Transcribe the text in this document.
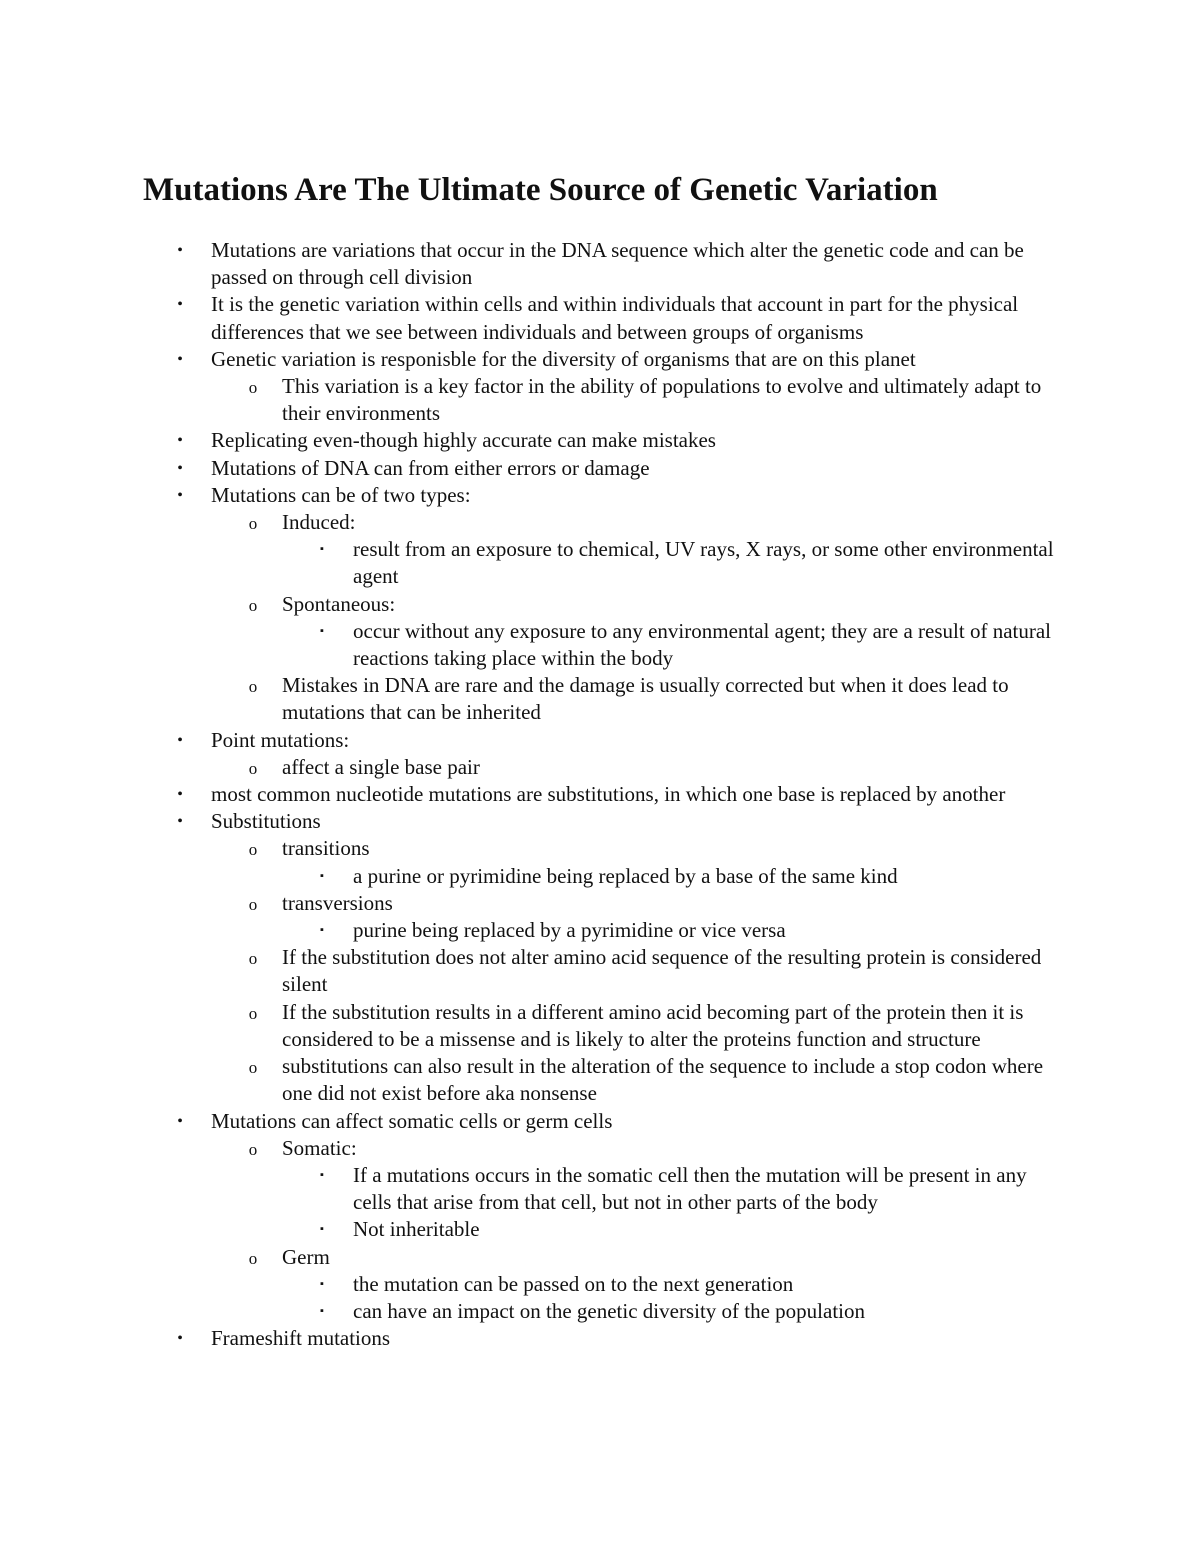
Mutations Are The Ultimate Source of Genetic Variation
•	Mutations are variations that occur in the DNA sequence which alter the genetic code and can be passed on through cell division
•	It is the genetic variation within cells and within individuals that account in part for the physical differences that we see between individuals and between groups of organisms
•	Genetic variation is responisble for the diversity of organisms that are on this planet
o This variation is a key factor in the ability of populations to evolve and ultimately adapt to their environments
•	Replicating even-though highly accurate can make mistakes
•	Mutations of DNA can from either errors or damage
•	Mutations can be of two types:
o Induced:
▪	result from an exposure to chemical, UV rays, X rays, or some other environmental agent
o Spontaneous:
▪	occur without any exposure to any environmental agent; they are a result of natural reactions taking place within the body
o Mistakes in DNA are rare and the damage is usually corrected but when it does lead to mutations that can be inherited
•	Point mutations:
o affect a single base pair
•	most common nucleotide mutations are substitutions, in which one base is replaced by another
•	Substitutions
o transitions
▪	a purine or pyrimidine being replaced by a base of the same kind
o transversions
▪	purine being replaced by a pyrimidine or vice versa
o If the substitution does not alter amino acid sequence of the resulting protein is considered silent
o If the substitution results in a different amino acid becoming part of the protein then it is considered to be a missense and is likely to alter the proteins function and structure
o substitutions can also result in the alteration of the sequence to include a stop codon where one did not exist before aka nonsense
•	Mutations can affect somatic cells or germ cells
o Somatic:
▪	If a mutations occurs in the somatic cell then the mutation will be present in any cells that arise from that cell, but not in other parts of the body
▪	Not inheritable
o Germ
▪	the mutation can be passed on to the next generation
▪	can have an impact on the genetic diversity of the population
•	Frameshift mutations
